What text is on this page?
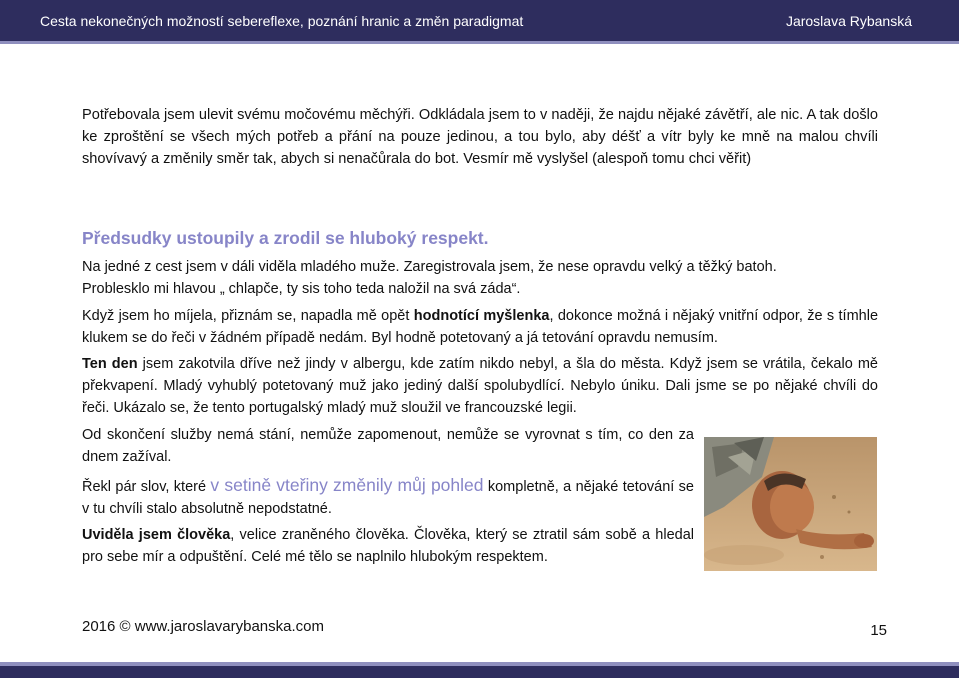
Cesta nekonečných možností sebereflexe, poznání hranic a změn paradigmat	Jaroslava Rybanská

Potřebovala jsem ulevit svému močovému měchýři. Odkládala jsem to v naději, že najdu nějaké závětří, ale nic. A tak došlo ke zproštění se všech mých potřeb a přání na pouze jedinou, a tou bylo, aby déšť a vítr byly ke mně na malou chvíli shovívavý a změnily směr tak, abych si nenačůrala do bot. Vesmír mě vyslyšel (alespoň tomu chci věřit)

Předsudky ustoupily a zrodil se hluboký respekt.

Na jedné z cest jsem v dáli viděla mladého muže. Zaregistrovala jsem, že nese opravdu velký a těžký batoh.
Problesklo mi hlavou „ chlapče, ty sis toho teda naložil na svá záda“.

Když jsem ho míjela, přiznám se, napadla mě opět hodnotící myšlenka, dokonce možná i nějaký vnitřní odpor, že s tímhle klukem se do řeči v žádném případě nedám. Byl hodně potetovaný a já tetování opravdu nemusím.

Ten den jsem zakotvila dříve než jindy v albergu, kde zatím nikdo nebyl, a šla do města. Když jsem se vrátila, čekalo mě překvapení. Mladý vyhublý potetovaný muž jako jediný další spolubydlící. Nebylo úniku. Dali jsme se po nějaké chvíli do řeči. Ukázalo se, že tento portugalský mladý muž sloužil ve francouzské legii.

Od skončení služby nemá stání, nemůže zapomenout, nemůže se vyrovnat s tím, co den za dnem zažíval.

Řekl pár slov, které v setině vteřiny změnily můj pohled kompletně, a nějaké tetování se v tu chvíli stalo absolutně nepodstatné.

Uviděla jsem člověka, velice zraněného člověka. Člověka, který se ztratil sám sobě a hledal pro sebe mír a odpuštění. Celé mé tělo se naplnilo hlubokým respektem.

2016 © www.jaroslavarybanska.com	15
